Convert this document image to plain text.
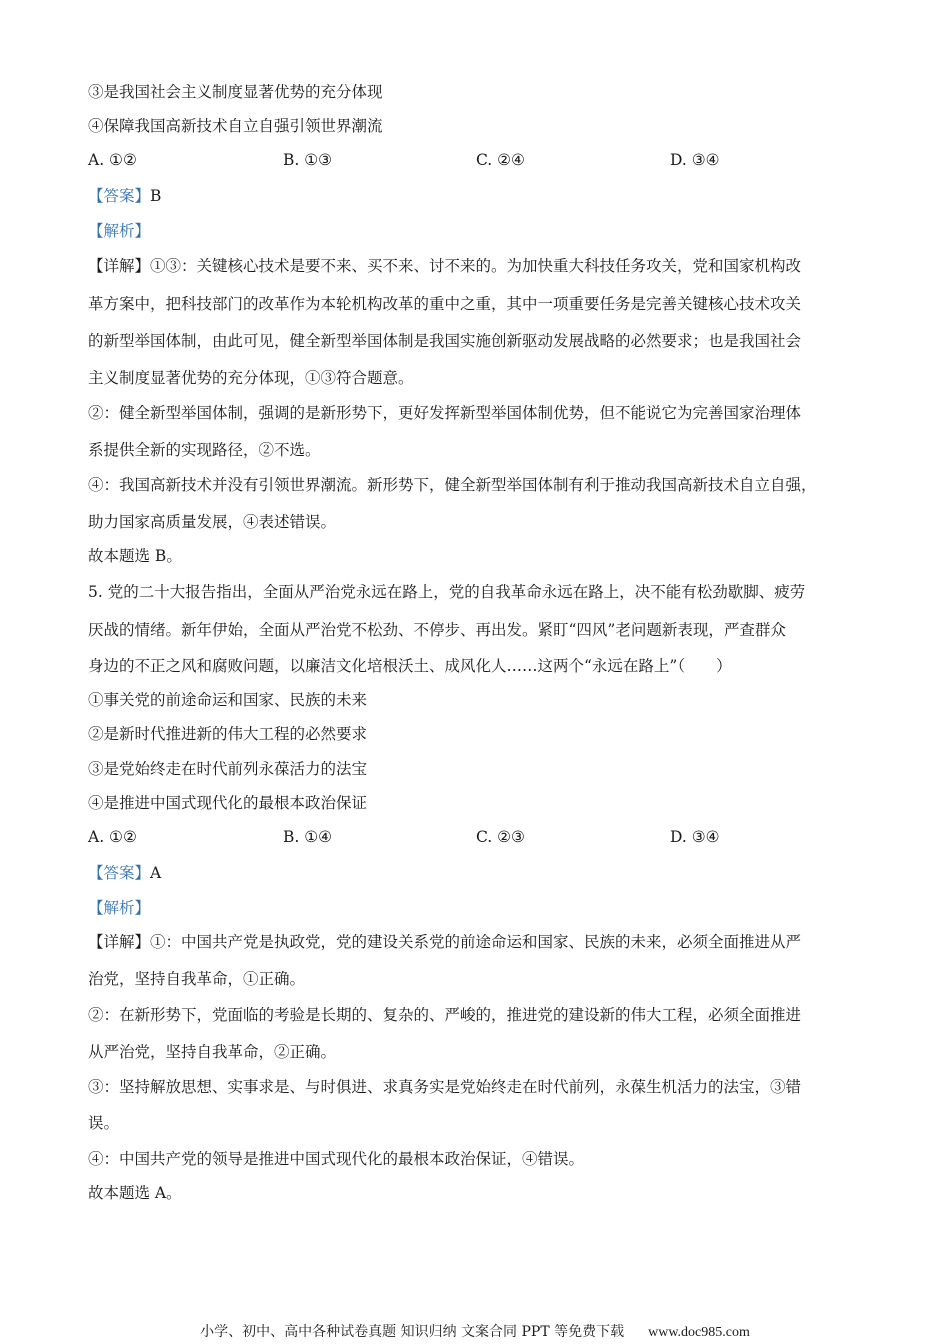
③是我国社会主义制度显著优势的充分体现
④保障我国高新技术自立自强引领世界潮流
A. ①②	B. ①③	C. ②④	D. ③④
【答案】B
【解析】
【详解】①③：关键核心技术是要不来、买不来、讨不来的。为加快重大科技任务攻关，党和国家机构改
革方案中，把科技部门的改革作为本轮机构改革的重中之重，其中一项重要任务是完善关键核心技术攻关
的新型举国体制，由此可见，健全新型举国体制是我国实施创新驱动发展战略的必然要求；也是我国社会
主义制度显著优势的充分体现，①③符合题意。
②：健全新型举国体制，强调的是新形势下，更好发挥新型举国体制优势，但不能说它为完善国家治理体
系提供全新的实现路径，②不选。
④：我国高新技术并没有引领世界潮流。新形势下，健全新型举国体制有利于推动我国高新技术自立自强，
助力国家高质量发展，④表述错误。
故本题选 B。
5. 党的二十大报告指出，全面从严治党永远在路上，党的自我革命永远在路上，决不能有松劲歇脚、疲劳
厌战的情绪。新年伊始，全面从严治党不松劲、不停步、再出发。紧盯“四风”老问题新表现，严查群众
身边的不正之风和腐败问题，以廉洁文化培根沃土、成风化人……这两个“永远在路上”（　　）
①事关党的前途命运和国家、民族的未来
②是新时代推进新的伟大工程的必然要求
③是党始终走在时代前列永葆活力的法宝
④是推进中国式现代化的最根本政治保证
A. ①②	B. ①④	C. ②③	D. ③④
【答案】A
【解析】
【详解】①：中国共产党是执政党，党的建设关系党的前途命运和国家、民族的未来，必须全面推进从严
治党，坚持自我革命，①正确。
②：在新形势下，党面临的考验是长期的、复杂的、严峻的，推进党的建设新的伟大工程，必须全面推进
从严治党，坚持自我革命，②正确。
③：坚持解放思想、实事求是、与时俱进、求真务实是党始终走在时代前列，永葆生机活力的法宝，③错
误。
④：中国共产党的领导是推进中国式现代化的最根本政治保证，④错误。
故本题选 A。
小学、初中、高中各种试卷真题 知识归纳 文案合同 PPT 等免费下载 www.doc985.com
